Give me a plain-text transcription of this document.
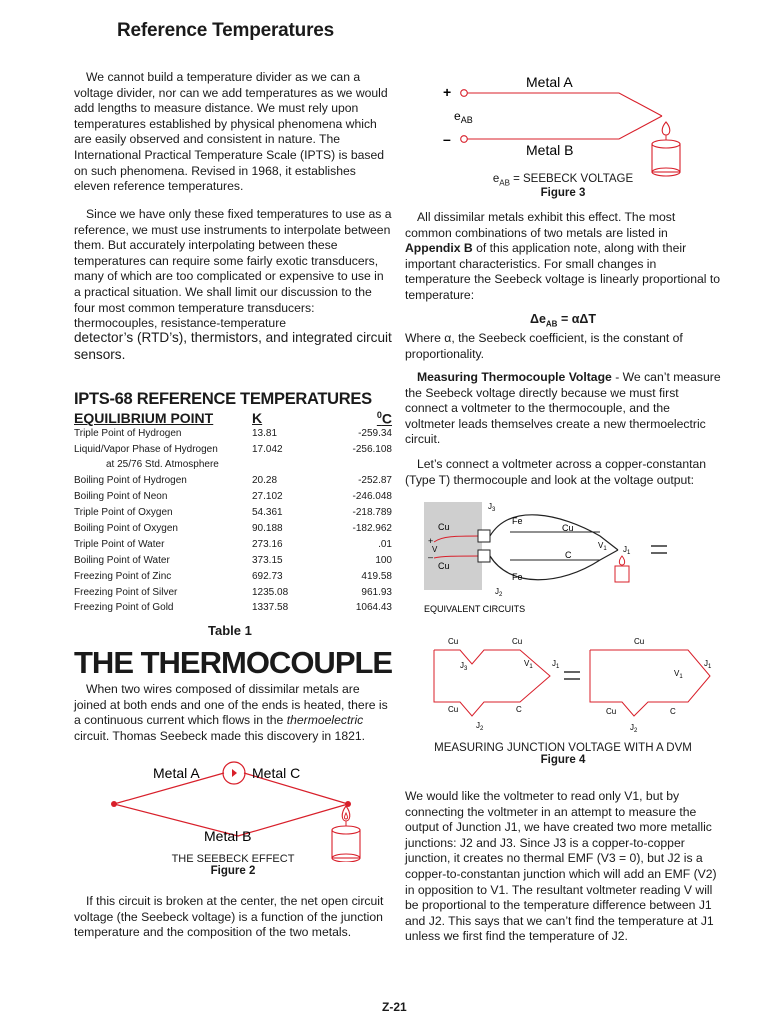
Reference Temperatures

We cannot build a temperature divider as we can a voltage divider, nor can we add temperatures as we would add lengths to measure distance. We must rely upon temperatures established by physical phenomena which are easily observed and consistent in nature. The International Practical Temperature Scale (IPTS) is based on such phenomena. Revised in 1968, it establishes eleven reference temperatures.

Since we have only these fixed temperatures to use as a reference, we must use instruments to interpolate between them. But accurately interpolating between these temperatures can require some fairly exotic transducers, many of which are too complicated or expensive to use in a practical situation. We shall limit our discussion to the four most common temperature transducers: thermocouples, resistance-temperature

detector’s (RTD’s), thermistors, and integrated circuit sensors.

IPTS-68 REFERENCE TEMPERATURES
EQUILIBRIUM POINT	K	$^0$C
Triple Point of Hydrogen	13.81	-259.34
Liquid/Vapor Phase of Hydrogen	17.042	-256.108
at 25/76 Std. Atmosphere		
Boiling Point of Hydrogen	20.28	-252.87
Boiling Point of Neon	27.102	-246.048
Triple Point of Oxygen	54.361	-218.789
Boiling Point of Oxygen	90.188	-182.962
Triple Point of Water	273.16	.01
Boiling Point of Water	373.15	100
Freezing Point of Zinc	692.73	419.58
Freezing Point of Silver	1235.08	961.93
Freezing Point of Gold	1337.58	1064.43
Table 1
THE THERMOCOUPLE

When two wires composed of dissimilar metals are joined at both ends and one of the ends is heated, there is a continuous current which flows in the thermoelectric circuit. Thomas Seebeck made this discovery in 1821.

Metal A	Metal C
Metal B
THE SEEBECK EFFECT
Figure 2

If this circuit is broken at the center, the net open circuit voltage (the Seebeck voltage) is a function of the junction temperature and the composition of the two metals.

+
–
$e_{AB}$
Metal A
Metal B
$e_{AB}$ = SEEBECK VOLTAGE
Figure 3

All dissimilar metals exhibit this effect. The most common combinations of two metals are listed in Appendix B of this application note, along with their important characteristics. For small changes in temperature the Seebeck voltage is linearly proportional to temperature:

$\Delta e_{AB} = \alpha\Delta T$

Where α, the Seebeck coefficient, is the constant of proportionality.

Measuring Thermocouple Voltage - We can’t measure the Seebeck voltage directly because we must first connect a voltmeter to the thermocouple, and the voltmeter leads themselves create a new thermoelectric circuit.

Let’s connect a voltmeter across a copper-constantan (Type T) thermocouple and look at the voltage output:

Cu
Cu
+
–
V
Fe
Fe
Cu
C
$J_3$
$J_2$
$V_1$ $J_1$
EQUIVALENT CIRCUITS
Cu	Cu
C
Cu
$V_1$ $J_1$
$J_3$
$J_2$
Cu
Cu	C
$V_1$
$J_1$
$J_2$
MEASURING JUNCTION VOLTAGE WITH A DVM
Figure 4

We would like the voltmeter to read only V1, but by connecting the voltmeter in an attempt to measure the output of Junction J1, we have created two more metallic junctions: J2 and J3. Since J3 is a copper-to-copper junction, it creates no thermal EMF (V3 = 0), but J2 is a copper-to-constantan junction which will add an EMF (V2) in opposition to V1. The resultant voltmeter reading V will be proportional to the temperature difference between J1 and J2. This says that we can’t find the temperature at J1 unless we first find the temperature of J2.

Z-21
